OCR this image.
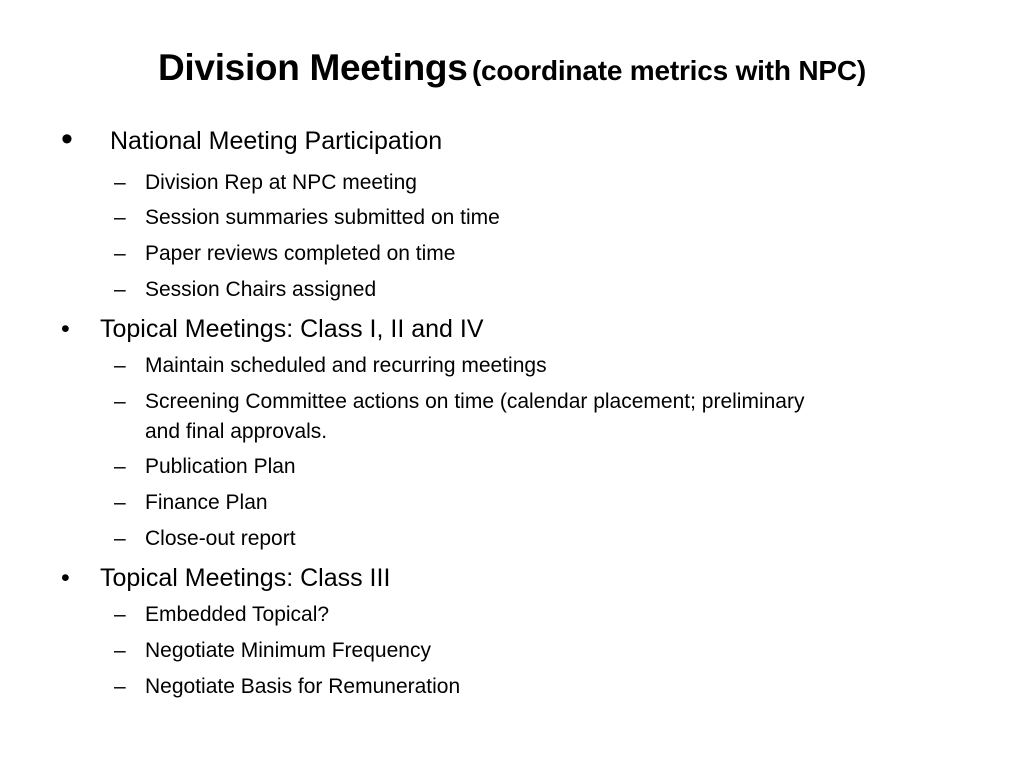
Division Meetings (coordinate metrics with NPC)
• National Meeting Participation
– Division Rep at NPC meeting
– Session summaries submitted on time
– Paper reviews completed on time
– Session Chairs assigned
• Topical Meetings: Class I, II and IV
– Maintain scheduled and recurring meetings
– Screening Committee actions on time (calendar placement; preliminary
and final approvals.
– Publication Plan
– Finance Plan
– Close-out report
• Topical Meetings: Class III
– Embedded Topical?
– Negotiate Minimum Frequency
– Negotiate Basis for Remuneration
